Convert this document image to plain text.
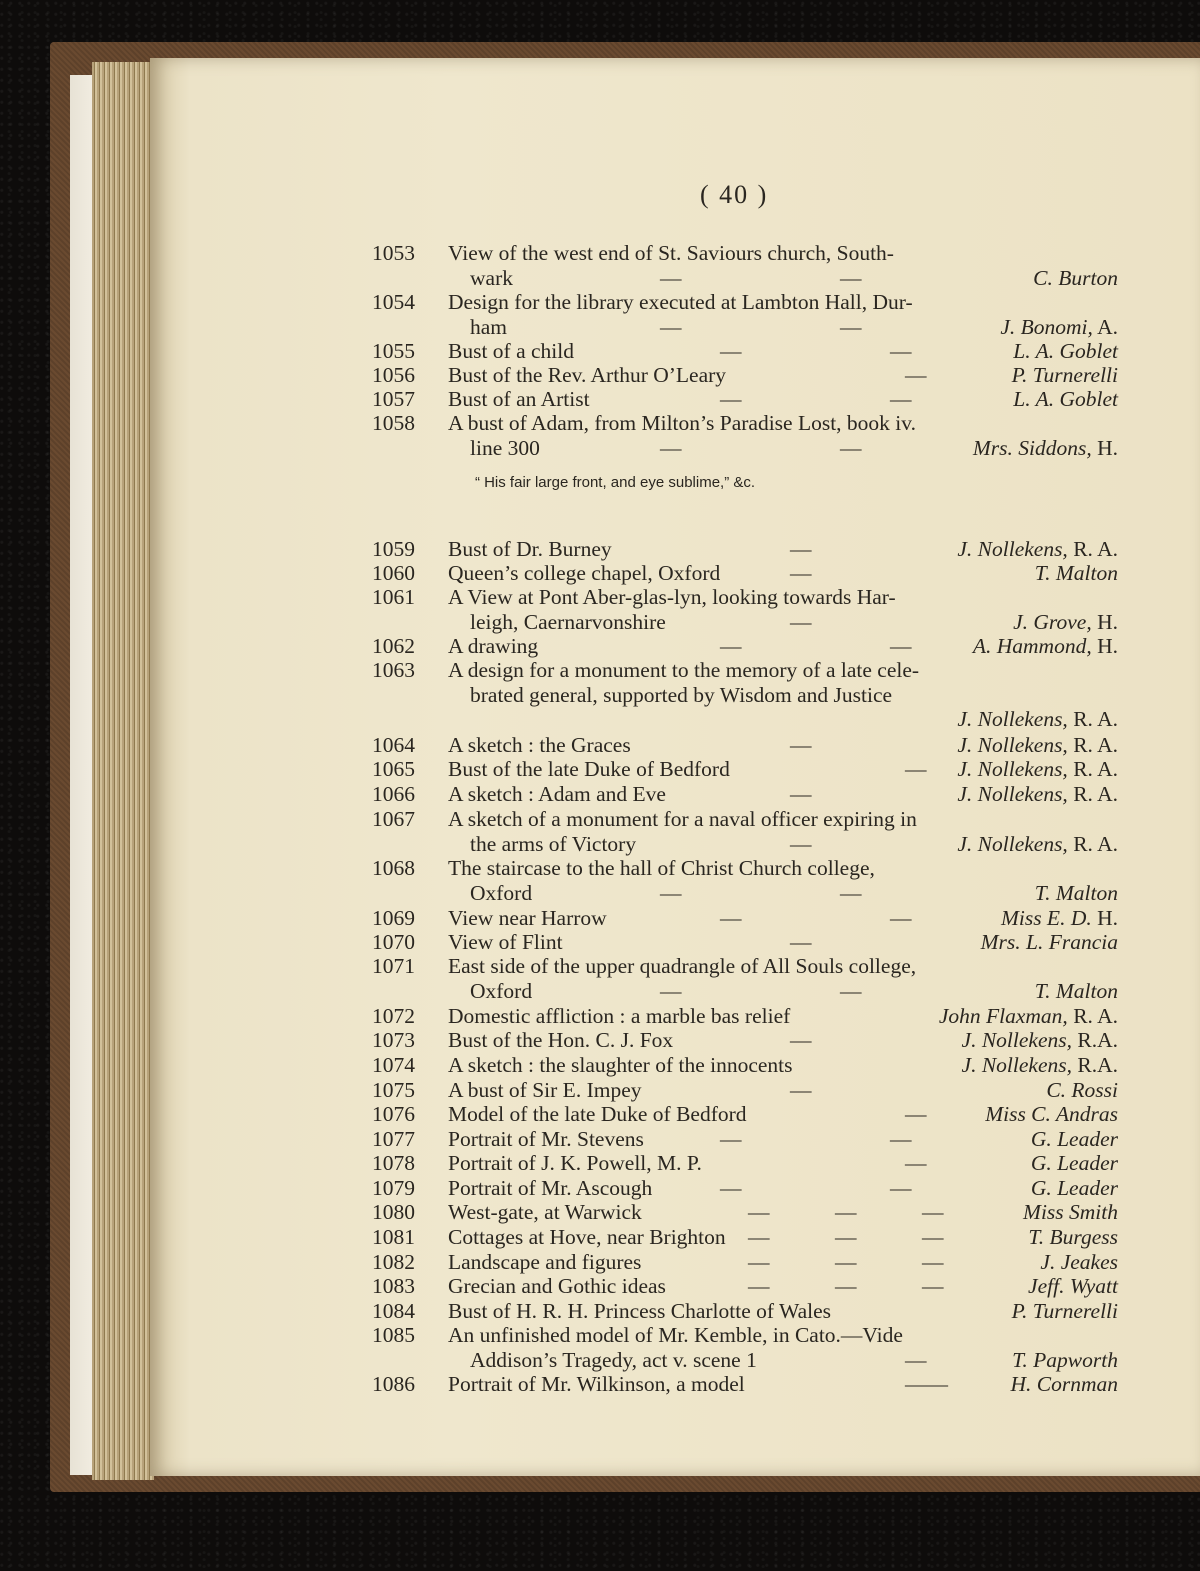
( 40 )
“ His fair large front, and eye sublime,” &c.
1053 View of the west end of St. Saviours church, South-
wark	—	—	C. Burton
1054 Design for the library executed at Lambton Hall, Dur-
ham	—	—	J. Bonomi, A.
1055 Bust of a child	—	—	L. A. Goblet
1056 Bust of the Rev. Arthur O’Leary	—	P. Turnerelli
1057 Bust of an Artist	—	—	L. A. Goblet
1058 A bust of Adam, from Milton’s Paradise Lost, book iv.
line 300	—	—	Mrs. Siddons, H.
1059 Bust of Dr. Burney	—	J. Nollekens, R. A.
1060 Queen’s college chapel, Oxford	—	T. Malton
1061 A View at Pont Aber-glas-lyn, looking towards Har-
leigh, Caernarvonshire	—	J. Grove, H.
1062 A drawing	—	—	A. Hammond, H.
1063 A design for a monument to the memory of a late cele-
brated general, supported by Wisdom and Justice
J. Nollekens, R. A.
1064 A sketch : the Graces	—	J. Nollekens, R. A.
1065 Bust of the late Duke of Bedford	— J. Nollekens, R. A.
1066 A sketch : Adam and Eve	—	J. Nollekens, R. A.
1067 A sketch of a monument for a naval officer expiring in
the arms of Victory	—	J. Nollekens, R. A.
1068 The staircase to the hall of Christ Church college,
Oxford	—	—	T. Malton
1069 View near Harrow	—	—	Miss E. D. H.
1070 View of Flint	—	Mrs. L. Francia
1071 East side of the upper quadrangle of All Souls college,
Oxford	—	—	T. Malton
1072 Domestic affliction : a marble bas relief	John Flaxman, R. A.
1073 Bust of the Hon. C. J. Fox	—	J. Nollekens, R.A.
1074 A sketch : the slaughter of the innocents	J. Nollekens, R.A.
1075 A bust of Sir E. Impey	—	C. Rossi
1076 Model of the late Duke of Bedford	—	Miss C. Andras
1077 Portrait of Mr. Stevens	—	—	G. Leader
1078 Portrait of J. K. Powell, M. P.	—	G. Leader
1079 Portrait of Mr. Ascough	—	—	G. Leader
1080 West-gate, at Warwick	—	—	—	Miss Smith
1081 Cottages at Hove, near Brighton —	—	—	T. Burgess
1082 Landscape and figures	—	—	—	J. Jeakes
1083 Grecian and Gothic ideas	—	—	—	Jeff. Wyatt
1084 Bust of H. R. H. Princess Charlotte of Wales	P. Turnerelli
1085 An unfinished model of Mr. Kemble, in Cato.—Vide
Addison’s Tragedy, act v. scene 1	—	T. Papworth
1086 Portrait of Mr. Wilkinson, a model	——	H. Cornman
